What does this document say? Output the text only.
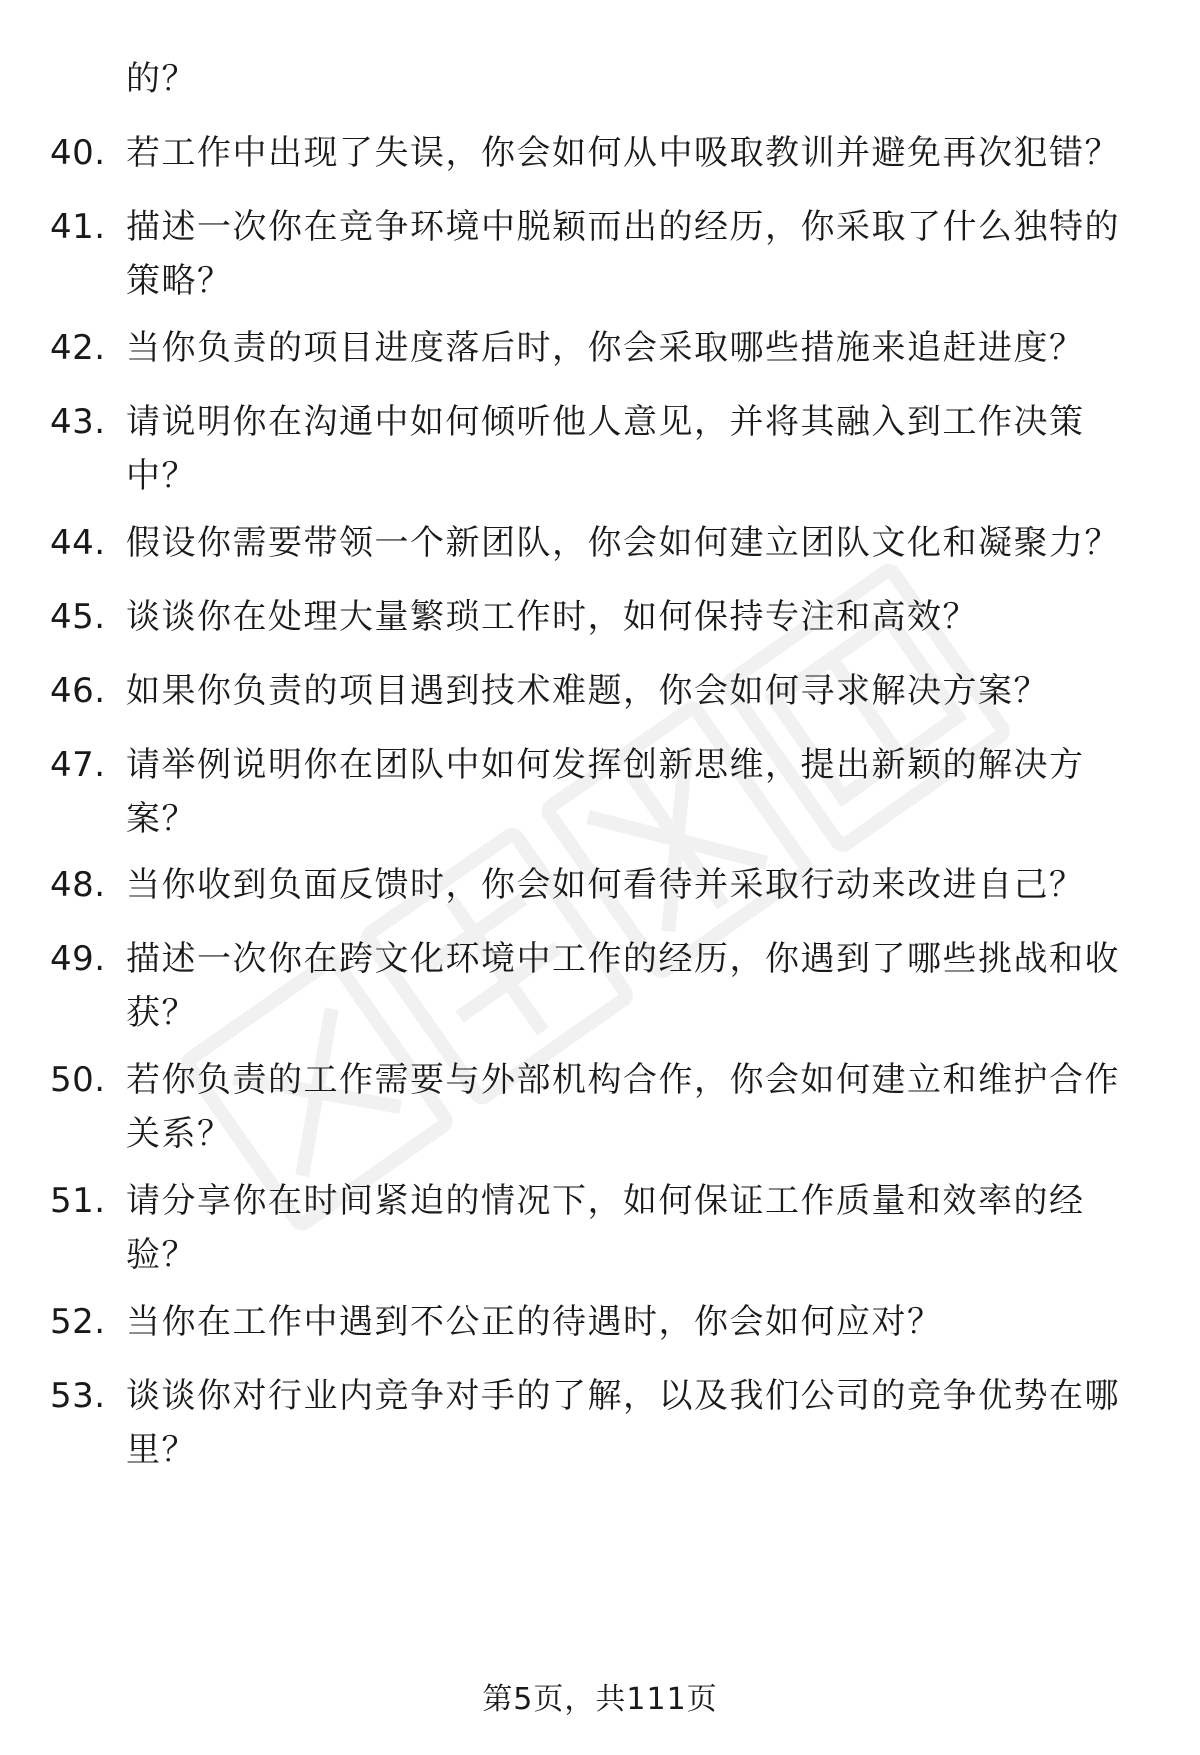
的？
40. 若工作中出现了失误，你会如何从中吸取教训并避免再次犯错？
41. 描述一次你在竞争环境中脱颖而出的经历，你采取了什么独特的策略？
42. 当你负责的项目进度落后时，你会采取哪些措施来追赶进度？
43. 请说明你在沟通中如何倾听他人意见，并将其融入到工作决策中？
44. 假设你需要带领一个新团队，你会如何建立团队文化和凝聚力？
45. 谈谈你在处理大量繁琐工作时，如何保持专注和高效？
46. 如果你负责的项目遇到技术难题，你会如何寻求解决方案？
47. 请举例说明你在团队中如何发挥创新思维，提出新颖的解决方案？
48. 当你收到负面反馈时，你会如何看待并采取行动来改进自己？
49. 描述一次你在跨文化环境中工作的经历，你遇到了哪些挑战和收获？
50. 若你负责的工作需要与外部机构合作，你会如何建立和维护合作关系？
51. 请分享你在时间紧迫的情况下，如何保证工作质量和效率的经验？
52. 当你在工作中遇到不公正的待遇时，你会如何应对？
53. 谈谈你对行业内竞争对手的了解，以及我们公司的竞争优势在哪里？
第5页，共111页
